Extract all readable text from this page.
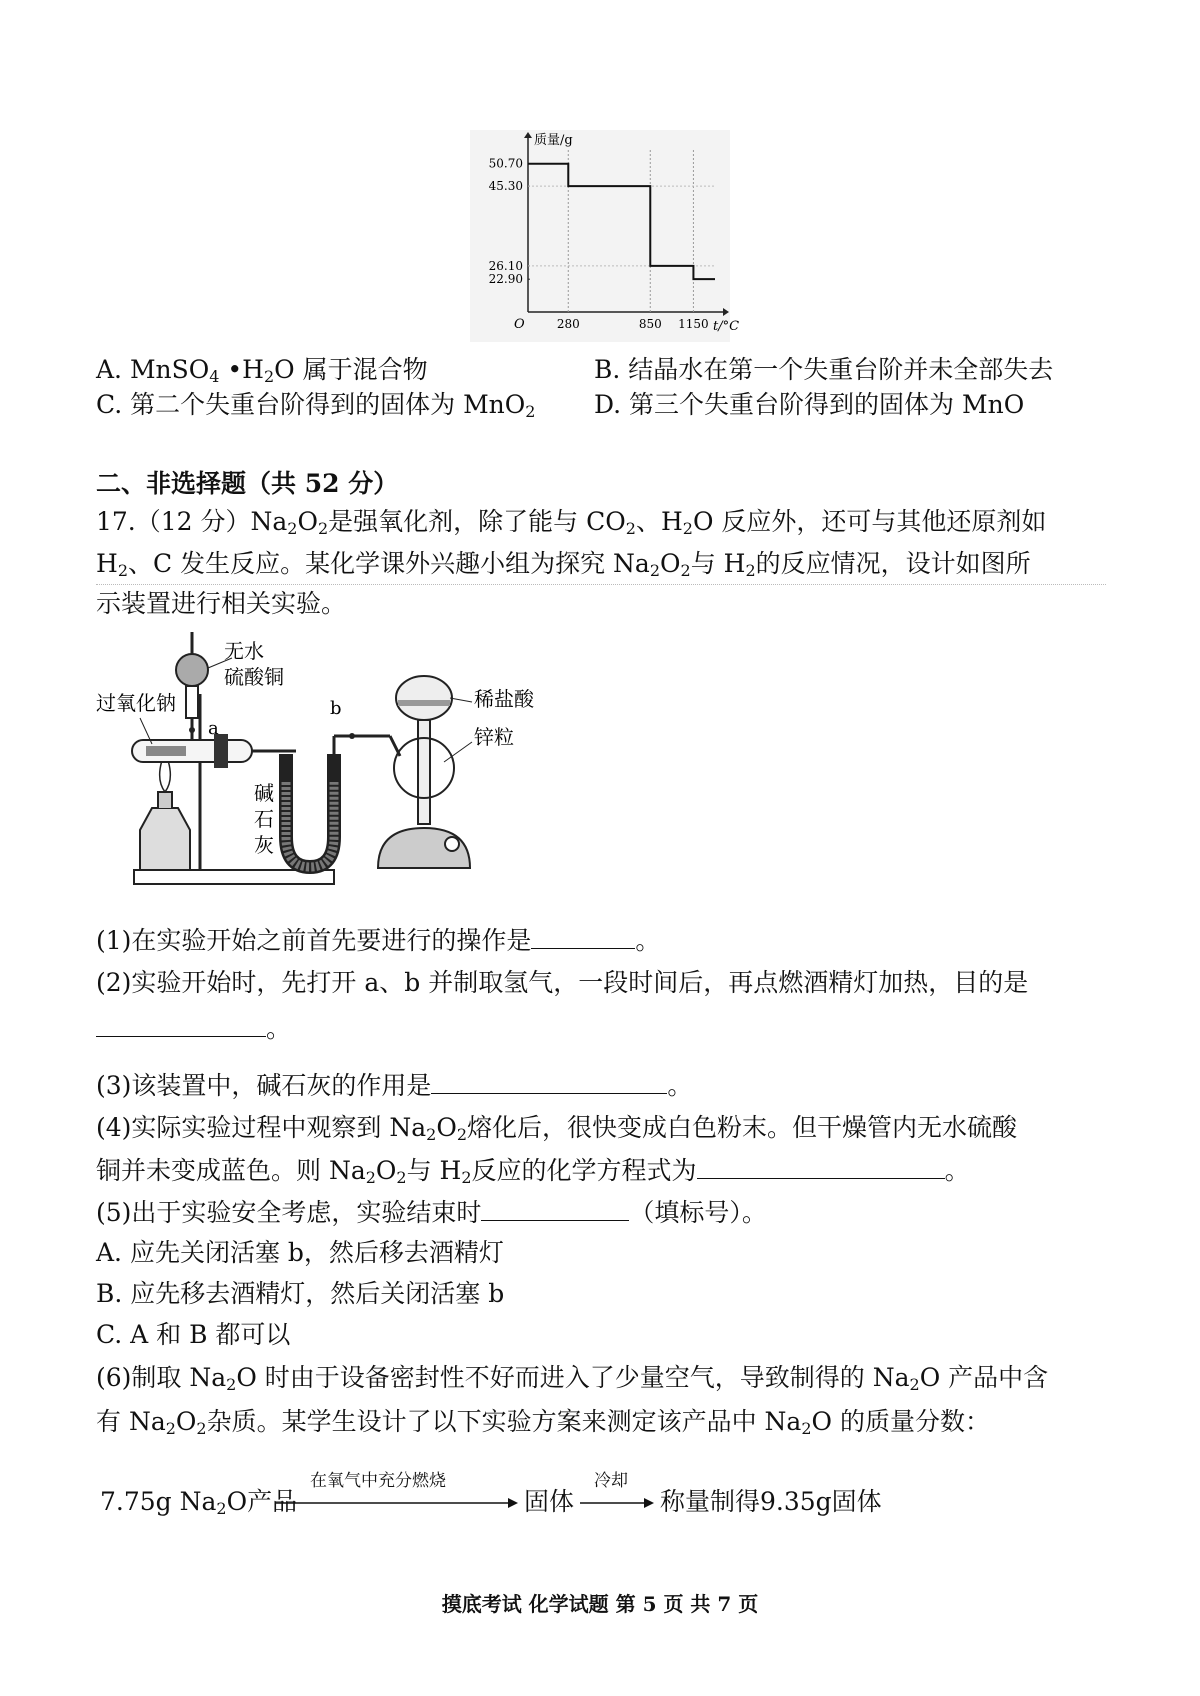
质量/g
t/°C
O
50.70
45.30
26.10
22.90
280	850 1150
A. MnSO$_4$ $•H_2O$ 属于混合物	B. 结晶水在第一个失重台阶并未全部失去
C. 第二个失重台阶得到的固体为 MnO$_2$ D. 第三个失重台阶得到的固体为 MnO
二、非选择题（共 52 分）
17.（12 分）$Na_2O_2$是强氧化剂，除了能与 $CO_2$、$H_2O$ 反应外，还可与其他还原剂如
$H_2$、C 发生反应。某化学课外兴趣小组为探究 $Na_2O_2$与 $H_2$的反应情况，设计如图所
示装置进行相关实验。
无水
硫酸铜
过氧化钠
a
b	稀盐酸
锌粒
碱
石
灰
(1)在实验开始之前首先要进行的操作是	。
(2)实验开始时，先打开 a、b 并制取氢气，一段时间后，再点燃酒精灯加热，目的是
。
(3)该装置中，碱石灰的作用是	。
(4)实际实验过程中观察到 $Na_2O_2$熔化后，很快变成白色粉末。但干燥管内无水硫酸
铜并未变成蓝色。则 $Na_2O_2$与 $H_2$反应的化学方程式为	。
(5)出于实验安全考虑，实验结束时	（填标号）。
A. 应先关闭活塞 b，然后移去酒精灯
B. 应先移去酒精灯，然后关闭活塞 b
C. A 和 B 都可以
(6)制取 $Na_2O$ 时由于设备密封性不好而进入了少量空气，导致制得的 $Na_2O$ 产品中含
有 $Na_2O_2$杂质。某学生设计了以下实验方案来测定该产品中 $Na_2O$ 的质量分数：
7.75g $Na_2O$产品
在氧气中充分燃烧
固体
冷却
称量制得9.35g固体
摸底考试 化学试题 第 5 页 共 7 页
